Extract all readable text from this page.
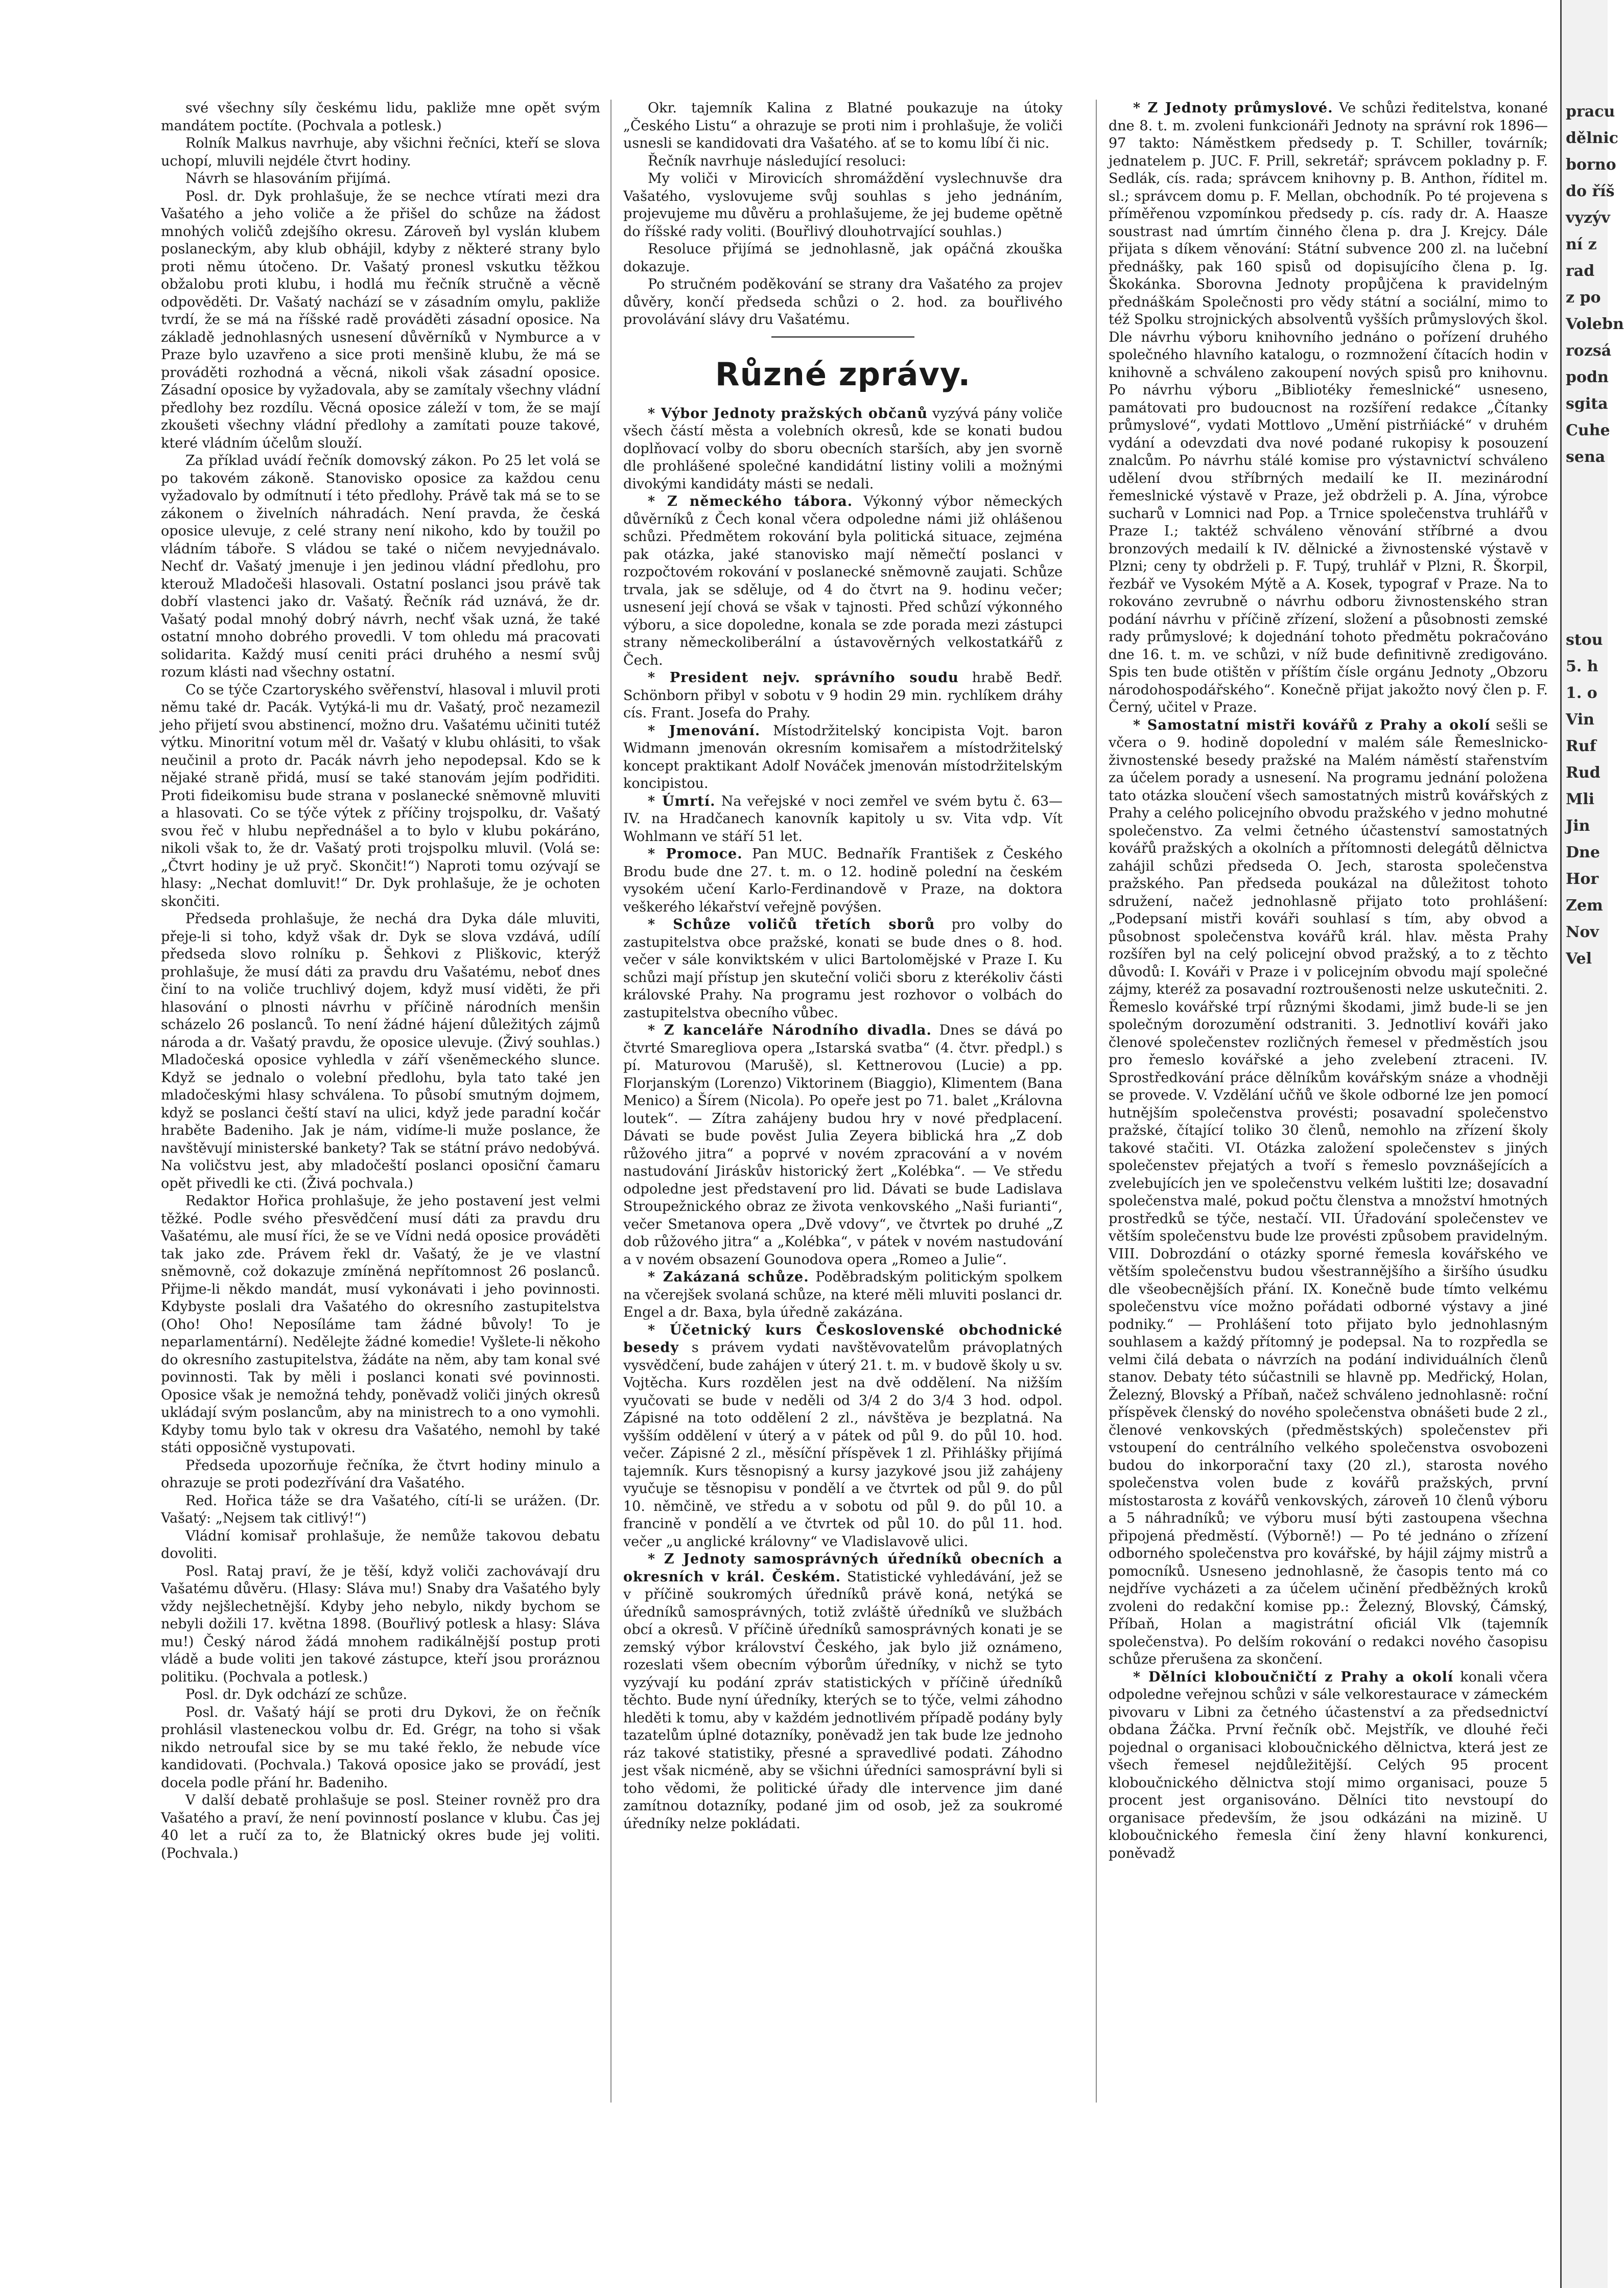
pracu
dělnic
borno
do říš
vyzýv
ní z
rad
z po
Volebn
rozsá
podn
sgita
Cuhe
sena
stou
5. h
1. o
Vin
Ruf
Rud
Mli
Jin
Dne
Hor
Zem
Nov
Vel

své všechny síly českému lidu, pakliže mne opět svým mandátem poctíte. (Pochvala a potlesk.)

Rolník Malkus navrhuje, aby všichni řečníci, kteří se slova uchopí, mluvili nejdéle čtvrt hodiny.

Návrh se hlasováním přijímá.

Posl. dr. Dyk prohlašuje, že se nechce vtírati mezi dra Vašatého a jeho voliče a že přišel do schůze na žádost mnohých voličů zdejšího okresu. Zároveň byl vyslán klubem poslaneckým, aby klub obhájil, kdyby z některé strany bylo proti němu útočeno. Dr. Vašatý pronesl vskutku těžkou obžalobu proti klubu, i hodlá mu řečník stručně a věcně odpověděti. Dr. Vašatý nachází se v zásadním omylu, pakliže tvrdí, že se má na říšské radě prováděti zásadní oposice. Na základě jednohlasných usnesení důvěrníků v Nymburce a v Praze bylo uzavřeno a sice proti menšině klubu, že má se prováděti rozhodná a věcná, nikoli však zásadní oposice. Zásadní oposice by vyžadovala, aby se zamítaly všechny vládní předlohy bez rozdílu. Věcná oposice záleží v tom, že se mají zkoušeti všechny vládní předlohy a zamítati pouze takové, které vládním účelům slouží.

Za příklad uvádí řečník domovský zákon. Po 25 let volá se po takovém zákoně. Stanovisko oposice za každou cenu vyžadovalo by odmítnutí i této předlohy. Právě tak má se to se zákonem o živelních náhradách. Není pravda, že česká oposice ulevuje, z celé strany není nikoho, kdo by toužil po vládním táboře. S vládou se také o ničem nevyjednávalo. Nechť dr. Vašatý jmenuje i jen jedinou vládní předlohu, pro kterouž Mladočeši hlasovali. Ostatní poslanci jsou právě tak dobří vlastenci jako dr. Vašatý. Řečník rád uznává, že dr. Vašatý podal mnohý dobrý návrh, nechť však uzná, že také ostatní mnoho dobrého provedli. V tom ohledu má pracovati solidarita. Každý musí ceniti práci druhého a nesmí svůj rozum klásti nad všechny ostatní.

Co se týče Czartoryského svěřenství, hlasoval i mluvil proti němu také dr. Pacák. Vytýká-li mu dr. Vašatý, proč nezamezil jeho přijetí svou abstinencí, možno dru. Vašatému učiniti tutéž výtku. Minoritní votum měl dr. Vašatý v klubu ohlásiti, to však neučinil a proto dr. Pacák návrh jeho nepodepsal. Kdo se k nějaké straně přidá, musí se také stanovám jejím podřiditi. Proti fideikomisu bude strana v poslanecké sněmovně mluviti a hlasovati. Co se týče výtek z příčiny trojspolku, dr. Vašatý svou řeč v hlubu nepřednášel a to bylo v klubu pokáráno, nikoli však to, že dr. Vašatý proti trojspolku mluvil. (Volá se: „Čtvrt hodiny je už pryč. Skončit!“) Naproti tomu ozývají se hlasy: „Nechat domluvit!“ Dr. Dyk prohlašuje, že je ochoten skončiti.

Předseda prohlašuje, že nechá dra Dyka dále mluviti, přeje-li si toho, když však dr. Dyk se slova vzdává, udílí předseda slovo rolníku p. Šehkovi z Pliškovic, kterýž prohlašuje, že musí dáti za pravdu dru Vašatému, neboť dnes činí to na voliče truchlivý dojem, když musí viděti, že při hlasování o plnosti návrhu v příčině národních menšin scházelo 26 poslanců. To není žádné hájení důležitých zájmů národa a dr. Vašatý pravdu, že oposice ulevuje. (Živý souhlas.) Mladočeská oposice vyhledla v září všeněmeckého slunce. Když se jednalo o volební předlohu, byla tato také jen mladočeskými hlasy schválena. To působí smutným dojmem, když se poslanci čeští staví na ulici, když jede paradní kočár hraběte Badeniho. Jak je nám, vidíme-li muže poslance, že navštěvují ministerské bankety? Tak se státní právo nedobývá. Na voličstvu jest, aby mladočeští poslanci oposiční čamaru opět přivedli ke cti. (Živá pochvala.)

Redaktor Hořica prohlašuje, že jeho postavení jest velmi těžké. Podle svého přesvědčení musí dáti za pravdu dru Vašatému, ale musí říci, že se ve Vídni nedá oposice prováděti tak jako zde. Právem řekl dr. Vašatý, že je ve vlastní sněmovně, což dokazuje zmíněná nepřítomnost 26 poslanců. Přijme-li někdo mandát, musí vykonávati i jeho povinnosti. Kdybyste poslali dra Vašatého do okresního zastupitelstva (Oho! Oho! Neposíláme tam žádné bůvoly! To je neparlamentární). Nedělejte žádné komedie! Vyšlete-li někoho do okresního zastupitelstva, žádáte na něm, aby tam konal své povinnosti. Tak by měli i poslanci konati své povinnosti. Oposice však je nemožná tehdy, poněvadž voliči jiných okresů ukládají svým poslancům, aby na ministrech to a ono vymohli. Kdyby tomu bylo tak v okresu dra Vašatého, nemohl by také státi opposičně vystupovati.

Předseda upozorňuje řečníka, že čtvrt hodiny minulo a ohrazuje se proti podezřívání dra Vašatého.

Red. Hořica táže se dra Vašatého, cítí-li se urážen. (Dr. Vašatý: „Nejsem tak citlivý!“)

Vládní komisař prohlašuje, že nemůže takovou debatu dovoliti.

Posl. Rataj praví, že je těší, když voliči zachovávají dru Vašatému důvěru. (Hlasy: Sláva mu!) Snaby dra Vašatého byly vždy nejšlechetnější. Kdyby jeho nebylo, nikdy bychom se nebyli dožili 17. května 1898. (Bouřlivý potlesk a hlasy: Sláva mu!) Český národ žádá mnohem radikálnější postup proti vládě a bude voliti jen takové zástupce, kteří jsou proráznou politiku. (Pochvala a potlesk.)

Posl. dr. Dyk odchází ze schůze.

Posl. dr. Vašatý hájí se proti dru Dykovi, že on řečník prohlásil vlasteneckou volbu dr. Ed. Grégr, na toho si však nikdo netroufal sice by se mu také řeklo, že nebude více kandidovati. (Pochvala.) Taková oposice jako se provádí, jest docela podle přání hr. Badeniho.

V další debatě prohlašuje se posl. Steiner rovněž pro dra Vašatého a praví, že není povinností poslance v klubu. Čas jej 40 let a ručí za to, že Blatnický okres bude jej voliti. (Pochvala.)

Okr. tajemník Kalina z Blatné poukazuje na útoky „Českého Listu“ a ohrazuje se proti nim i prohlašuje, že voliči usnesli se kandidovati dra Vašatého. ať se to komu líbí či nic.

Řečník navrhuje následující resoluci:

My voliči v Mirovicích shromáždění vyslechnuvše dra Vašatého, vyslovujeme svůj souhlas s jeho jednáním, projevujeme mu důvěru a prohlašujeme, že jej budeme opětně do říšské rady voliti. (Bouřlivý dlouhotrvající souhlas.)

Resoluce přijímá se jednohlasně, jak opáčná zkouška dokazuje.

Po stručném poděkování se strany dra Vašatého za projev důvěry, končí předseda schůzi o 2. hod. za bouřlivého provolávání slávy dru Vašatému.

Různé zprávy.

* Výbor Jednoty pražských občanů vyzývá pány voliče všech částí města a volebních okresů, kde se konati budou doplňovací volby do sboru obecních starších, aby jen svorně dle prohlášené společné kandidátní listiny volili a možnými divokými kandidáty másti se nedali.

* Z německého tábora. Výkonný výbor německých důvěrníků z Čech konal včera odpoledne námi již ohlášenou schůzi. Předmětem rokování byla politická situace, zejména pak otázka, jaké stanovisko mají němečtí poslanci v rozpočtovém rokování v poslanecké sněmovně zaujati. Schůze trvala, jak se sděluje, od 4 do čtvrt na 9. hodinu večer; usnesení její chová se však v tajnosti. Před schůzí výkonného výboru, a sice dopoledne, konala se zde porada mezi zástupci strany německoliberální a ústavověrných velkostatkářů z Čech.

* President nejv. správního soudu hrabě Bedř. Schönborn přibyl v sobotu v 9 hodin 29 min. rychlíkem dráhy cís. Frant. Josefa do Prahy.

* Jmenování. Místodržitelský koncipista Vojt. baron Widmann jmenován okresním komisařem a místodržitelský koncept praktikant Adolf Nováček jmenován místodržitelským koncipistou.

* Úmrtí. Na veřejské v noci zemřel ve svém bytu č. 63—IV. na Hradčanech kanovník kapitoly u sv. Vita vdp. Vít Wohlmann ve stáří 51 let.

* Promoce. Pan MUC. Bednařík František z Českého Brodu bude dne 27. t. m. o 12. hodině polední na českém vysokém učení Karlo-Ferdinandově v Praze, na doktora veškerého lékařství veřejně povýšen.

* Schůze voličů třetích sborů pro volby do zastupitelstva obce pražské, konati se bude dnes o 8. hod. večer v sále konviktském v ulici Bartolomějské v Praze I. Ku schůzi mají přístup jen skuteční voliči sboru z kterékoliv části královské Prahy. Na programu jest rozhovor o volbách do zastupitelstva obecního vůbec.

* Z kanceláře Národního divadla. Dnes se dává po čtvrté Smaregliova opera „Istarská svatba“ (4. čtvr. předpl.) s pí. Maturovou (Marušě), sl. Kettnerovou (Lucie) a pp. Florjanským (Lorenzo) Viktorinem (Biaggio), Klimentem (Bana Menico) a Šírem (Nicola). Po opeře jest po 71. balet „Královna loutek“. — Zítra zahájeny budou hry v nové předplacení. Dávati se bude pověst Julia Zeyera biblická hra „Z dob růžového jitra“ a poprvé v novém zpracování a v novém nastudování Jiráskův historický žert „Kolébka“. — Ve středu odpoledne jest představení pro lid. Dávati se bude Ladislava Stroupežnického obraz ze života venkovského „Naši furianti“, večer Smetanova opera „Dvě vdovy“, ve čtvrtek po druhé „Z dob růžového jitra“ a „Kolébka“, v pátek v novém nastudování a v novém obsazení Gounodova opera „Romeo a Julie“.

* Zakázaná schůze. Poděbradským politickým spolkem na včerejšek svolaná schůze, na které měli mluviti poslanci dr. Engel a dr. Baxa, byla úředně zakázána.

* Účetnický kurs Československé obchodnické besedy s právem vydati navštěvovatelům právoplatných vysvědčení, bude zahájen v úterý 21. t. m. v budově školy u sv. Vojtěcha. Kurs rozdělen jest na dvě oddělení. Na nižším vyučovati se bude v neděli od 3/4 2 do 3/4 3 hod. odpol. Zápisné na toto oddělení 2 zl., návštěva je bezplatná. Na vyšším oddělení v úterý a v pátek od půl 9. do půl 10. hod. večer. Zápisné 2 zl., měsíční příspěvek 1 zl. Přihlášky přijímá tajemník. Kurs těsnopisný a kursy jazykové jsou již zahájeny vyučuje se těsnopisu v pondělí a ve čtvrtek od půl 9. do půl 10. němčině, ve středu a v sobotu od půl 9. do půl 10. a francině v pondělí a ve čtvrtek od půl 10. do půl 11. hod. večer „u anglické královny“ ve Vladislavově ulici.

* Z Jednoty samosprávných úředníků obecních a okresních v král. Českém. Statistické vyhledávání, jež se v příčině soukromých úředníků právě koná, netýká se úředníků samosprávných, totiž zvláště úředníků ve službách obcí a okresů. V příčině úředníků samosprávných konati je se zemský výbor království Českého, jak bylo již oznámeno, rozeslati všem obecním výborům úředníky, v nichž se tyto vyzývají ku podání zpráv statistických v příčině úředníků těchto. Bude nyní úředníky, kterých se to týče, velmi záhodno hleděti k tomu, aby v každém jednotlivém případě podány byly tazatelům úplné dotazníky, poněvadž jen tak bude lze jednoho ráz takové statistiky, přesné a spravedlivé podati. Záhodno jest však nicméně, aby se všichni úředníci samosprávní byli si toho vědomi, že politické úřady dle intervence jim dané zamítnou dotazníky, podané jim od osob, jež za soukromé úředníky nelze pokládati.

* Z Jednoty průmyslové. Ve schůzi ředitelstva, konané dne 8. t. m. zvoleni funkcionáři Jednoty na správní rok 1896—97 takto: Náměstkem předsedy p. T. Schiller, továrník; jednatelem p. JUC. F. Prill, sekretář; správcem pokladny p. F. Sedlák, cís. rada; správcem knihovny p. B. Anthon, říditel m. sl.; správcem domu p. F. Mellan, obchodník. Po té projevena s příměřenou vzpomínkou předsedy p. cís. rady dr. A. Haasze soustrast nad úmrtím činného člena p. dra J. Krejcy. Dále přijata s díkem věnování: Státní subvence 200 zl. na lučební přednášky, pak 160 spisů od dopisujícího člena p. Ig. Škokánka. Sborovna Jednoty propůjčena k pravidelným přednáškám Společnosti pro vědy státní a sociální, mimo to též Spolku strojnických absolventů vyšších průmyslových škol. Dle návrhu výboru knihovního jednáno o pořízení druhého společného hlavního katalogu, o rozmnožení čítacích hodin v knihovně a schváleno zakoupení nových spisů pro knihovnu. Po návrhu výboru „Bibliotéky řemeslnické“ usneseno, památovati pro budoucnost na rozšíření redakce „Čítanky průmyslové“, vydati Mottlovo „Umění pistrňiácké“ v druhém vydání a odevzdati dva nové podané rukopisy k posouzení znalcům. Po návrhu stálé komise pro výstavnictví schváleno udělení dvou stříbrných medailí ke II. mezinárodní řemeslnické výstavě v Praze, jež obdrželi p. A. Jína, výrobce sucharů v Lomnici nad Pop. a Trnice společenstva truhlářů v Praze I.; taktéž schváleno věnování stříbrné a dvou bronzových medailí k IV. dělnické a živnostenské výstavě v Plzni; ceny ty obdrželi p. F. Tupý, truhlář v Plzni, R. Škorpil, řezbář ve Vysokém Mýtě a A. Kosek, typograf v Praze. Na to rokováno zevrubně o návrhu odboru živnostenského stran podání návrhu v příčině zřízení, složení a působnosti zemské rady průmyslové; k dojednání tohoto předmětu pokračováno dne 16. t. m. ve schůzi, v níž bude definitivně zredigováno. Spis ten bude otištěn v příštím čísle orgánu Jednoty „Obzoru národohospodářského“. Konečně přijat jakožto nový člen p. F. Černý, učitel v Praze.

* Samostatní mistři kovářů z Prahy a okolí sešli se včera o 9. hodině dopolední v malém sále Řemeslnicko-živnostenské besedy pražské na Malém náměstí stařenstvím za účelem porady a usnesení. Na programu jednání položena tato otázka sloučení všech samostatných mistrů kovářských z Prahy a celého policejního obvodu pražského v jedno mohutné společenstvo. Za velmi četného účastenství samostatných kovářů pražských a okolních a přítomnosti delegátů dělnictva zahájil schůzi předseda O. Jech, starosta společenstva pražského. Pan předseda poukázal na důležitost tohoto sdružení, načež jednohlasně přijato toto prohlášení: „Podepsaní mistři kováři souhlasí s tím, aby obvod a působnost společenstva kovářů král. hlav. města Prahy rozšířen byl na celý policejní obvod pražský, a to z těchto důvodů: I. Kováři v Praze i v policejním obvodu mají společné zájmy, kteréž za posavadní roztroušenosti nelze uskutečniti. 2. Řemeslo kovářské trpí různými škodami, jimž bude-li se jen společným dorozumění odstraniti. 3. Jednotliví kováři jako členové společenstev rozličných řemesel v předměstích jsou pro řemeslo kovářské a jeho zvelebení ztraceni. IV. Sprostředkování práce dělníkům kovářským snáze a vhodněji se provede. V. Vzdělání učňů ve škole odborné lze jen pomocí hutnějším společenstva provésti; posavadní společenstvo pražské, čítající toliko 30 členů, nemohlo na zřízení školy takové stačiti. VI. Otázka založení společenstev s jiných společenstev přejatých a tvoří s řemeslo povznášejících a zvelebujících jen ve společenstvu velkém luštiti lze; dosavadní společenstva malé, pokud počtu členstva a množství hmotných prostředků se týče, nestačí. VII. Úřadování společenstev ve větším společenstvu bude lze provésti způsobem pravidelným. VIII. Dobrozdání o otázky sporné řemesla kovářského ve větším společenstvu budou všestrannějšího a širšího úsudku dle všeobecnějších přání. IX. Konečně bude tímto velkému společenstvu více možno pořádati odborné výstavy a jiné podniky.“ — Prohlášení toto přijato bylo jednohlasným souhlasem a každý přítomný je podepsal. Na to rozpředla se velmi čilá debata o návrzích na podání individuálních členů stanov. Debaty této súčastnili se hlavně pp. Medřický, Holan, Železný, Blovský a Příbaň, načež schváleno jednohlasně: roční příspěvek členský do nového společenstva obnášeti bude 2 zl., členové venkovských (předměstských) společenstev při vstoupení do centrálního velkého společenstva osvobozeni budou do inkorporační taxy (20 zl.), starosta nového společenstva volen bude z kovářů pražských, první místostarosta z kovářů venkovských, zároveň 10 členů výboru a 5 náhradníků; ve výboru musí býti zastoupena všechna připojená předměstí. (Výborně!) — Po té jednáno o zřízení odborného společenstva pro kovářské, by hájil zájmy mistrů a pomocníků. Usneseno jednohlasně, že časopis tento má co nejdříve vycházeti a za účelem učinění předběžných kroků zvoleni do redakční komise pp.: Železný, Blovský, Čámský, Příbaň, Holan a magistrátní oficiál Vlk (tajemník společenstva). Po delším rokování o redakci nového časopisu schůze přerušena za skončení.

* Dělníci kloboučničtí z Prahy a okolí konali včera odpoledne veřejnou schůzi v sále velkorestaurace v zámeckém pivovaru v Libni za četného účastenství a za předsednictví obdana Žáčka. První řečník obč. Mejstřík, ve dlouhé řeči pojednal o organisaci kloboučnického dělnictva, která jest ze všech řemesel nejdůležitější. Celých 95 procent kloboučnického dělnictva stojí mimo organisaci, pouze 5 procent jest organisováno. Dělníci tito nevstoupí do organisace především, že jsou odkázáni na mizině. U kloboučnického řemesla činí ženy hlavní konkurenci, poněvadž
